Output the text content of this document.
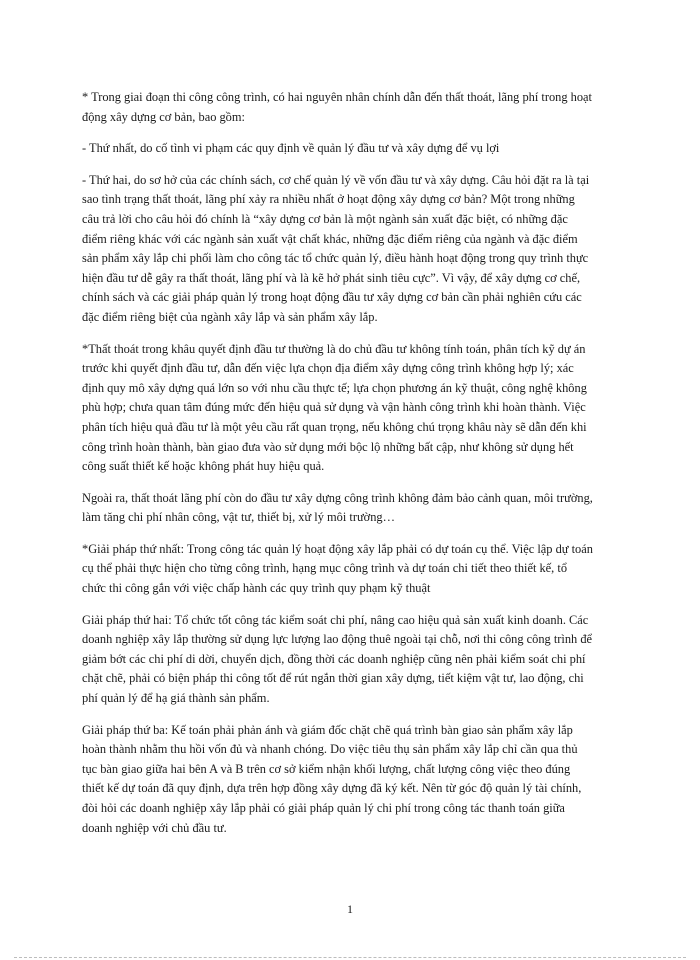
* Trong giai đoạn thi công công trình, có hai nguyên nhân chính dẫn đến thất thoát, lãng phí trong hoạt động xây dựng cơ bản, bao gồm:

- Thứ nhất, do cố tình vi phạm các quy định về quản lý đầu tư và xây dựng để vụ lợi

- Thứ hai, do sơ hở của các chính sách, cơ chế quản lý về vốn đầu tư và xây dựng. Câu hỏi đặt ra là tại sao tình trạng thất thoát, lãng phí xảy ra nhiều nhất ở hoạt động xây dựng cơ bản? Một trong những câu trả lời cho câu hỏi đó chính là “xây dựng cơ bản là một ngành sản xuất đặc biệt, có những đặc điểm riêng khác với các ngành sản xuất vật chất khác, những đặc điểm riêng của ngành và đặc điểm sản phẩm xây lắp chi phối làm cho công tác tổ chức quản lý, điều hành hoạt động trong quy trình thực hiện đầu tư dễ gây ra thất thoát, lãng phí và là kẽ hở phát sinh tiêu cực”. Vì vậy, để xây dựng cơ chế, chính sách và các giải pháp quản lý trong hoạt động đầu tư xây dựng cơ bản cần phải nghiên cứu các đặc điểm riêng biệt của ngành xây lắp và sản phẩm xây lắp.

*Thất thoát trong khâu quyết định đầu tư thường là do chủ đầu tư không tính toán, phân tích kỹ dự án trước khi quyết định đầu tư, dẫn đến việc lựa chọn địa điểm xây dựng công trình không hợp lý; xác định quy mô xây dựng quá lớn so với nhu cầu thực tế; lựa chọn phương án kỹ thuật, công nghệ không phù hợp; chưa quan tâm đúng mức đến hiệu quả sử dụng và vận hành công trình khi hoàn thành. Việc phân tích hiệu quả đầu tư là một yêu cầu rất quan trọng, nếu không chú trọng khâu này sẽ dẫn đến khi công trình hoàn thành, bàn giao đưa vào sử dụng mới bộc lộ những bất cập, như không sử dụng hết công suất thiết kế hoặc không phát huy hiệu quả.

Ngoài ra, thất thoát lãng phí còn do đầu tư xây dựng công trình không đảm bảo cảnh quan, môi trường, làm tăng chi phí nhân công, vật tư, thiết bị, xử lý môi trường…

*Giải pháp thứ nhất: Trong công tác quản lý hoạt động xây lắp phải có dự toán cụ thể. Việc lập dự toán cụ thể phải thực hiện cho từng công trình, hạng mục công trình và dự toán chi tiết theo thiết kế, tổ chức thi công gắn với việc chấp hành các quy trình quy phạm kỹ thuật

Giải pháp thứ hai: Tổ chức tốt công tác kiểm soát chi phí, nâng cao hiệu quả sản xuất kinh doanh. Các doanh nghiệp xây lắp thường sử dụng lực lượng lao động thuê ngoài tại chỗ, nơi thi công công trình để giảm bớt các chi phí di dời, chuyển dịch, đồng thời các doanh nghiệp cũng nên phải kiểm soát chi phí chặt chẽ, phải có biện pháp thi công tốt để rút ngắn thời gian xây dựng, tiết kiệm vật tư, lao động, chi phí quản lý để hạ giá thành sản phẩm.

Giải pháp thứ ba: Kế toán phải phản ánh và giám đốc chặt chẽ quá trình bàn giao sản phẩm xây lắp hoàn thành nhằm thu hồi vốn đủ và nhanh chóng. Do việc tiêu thụ sản phẩm xây lắp chỉ cần qua thủ tục bàn giao giữa hai bên A và B trên cơ sở kiểm nhận khối lượng, chất lượng công việc theo đúng thiết kế dự toán đã quy định, dựa trên hợp đồng xây dựng đã ký kết. Nên từ góc độ quản lý tài chính, đòi hỏi các doanh nghiệp xây lắp phải có giải pháp quản lý chi phí trong công tác thanh toán giữa doanh nghiệp với chủ đầu tư.

1
